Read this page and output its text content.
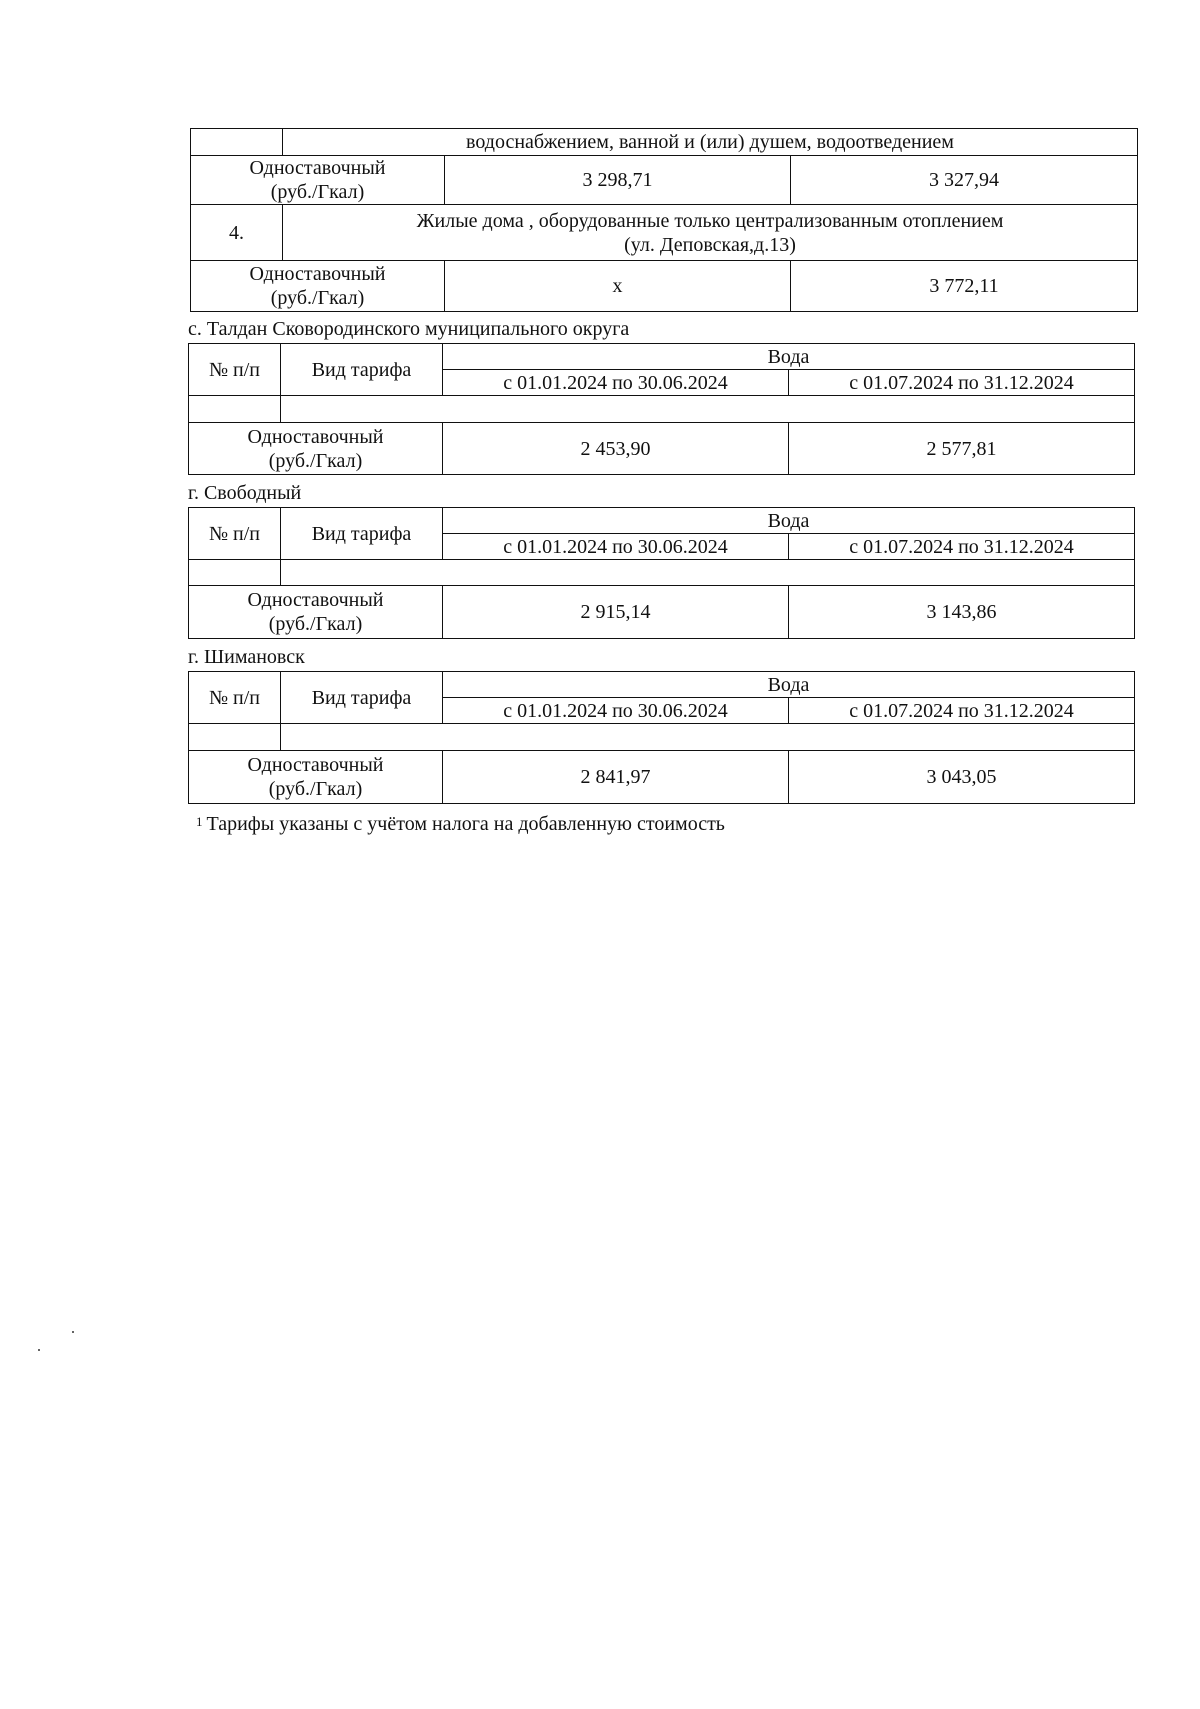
	водоснабжением, ванной и (или) душем, водоотведением		
Одноставочный
(руб./Гкал)		3 298,71	3 327,94
4.	Жилые дома , оборудованные только централизованным отоплением
(ул. Деповская,д.13)		
Одноставочный
(руб./Гкал)		х	3 772,11
с. Талдан Сковородинского муниципального округа
№ п/п	Вид тарифа	Вода	
		с 01.01.2024 по 30.06.2024	с 01.07.2024 по 31.12.2024

Одноставочный
(руб./Гкал)		2 453,90	2 577,81
г. Свободный
№ п/п	Вид тарифа	Вода	
		с 01.01.2024 по 30.06.2024	с 01.07.2024 по 31.12.2024

Одноставочный
(руб./Гкал)		2 915,14	3 143,86
г. Шимановск
№ п/п	Вид тарифа	Вода	
		с 01.01.2024 по 30.06.2024	с 01.07.2024 по 31.12.2024

Одноставочный
(руб./Гкал)		2 841,97	3 043,05
$^1$ Тарифы указаны с учётом налога на добавленную стоимость
